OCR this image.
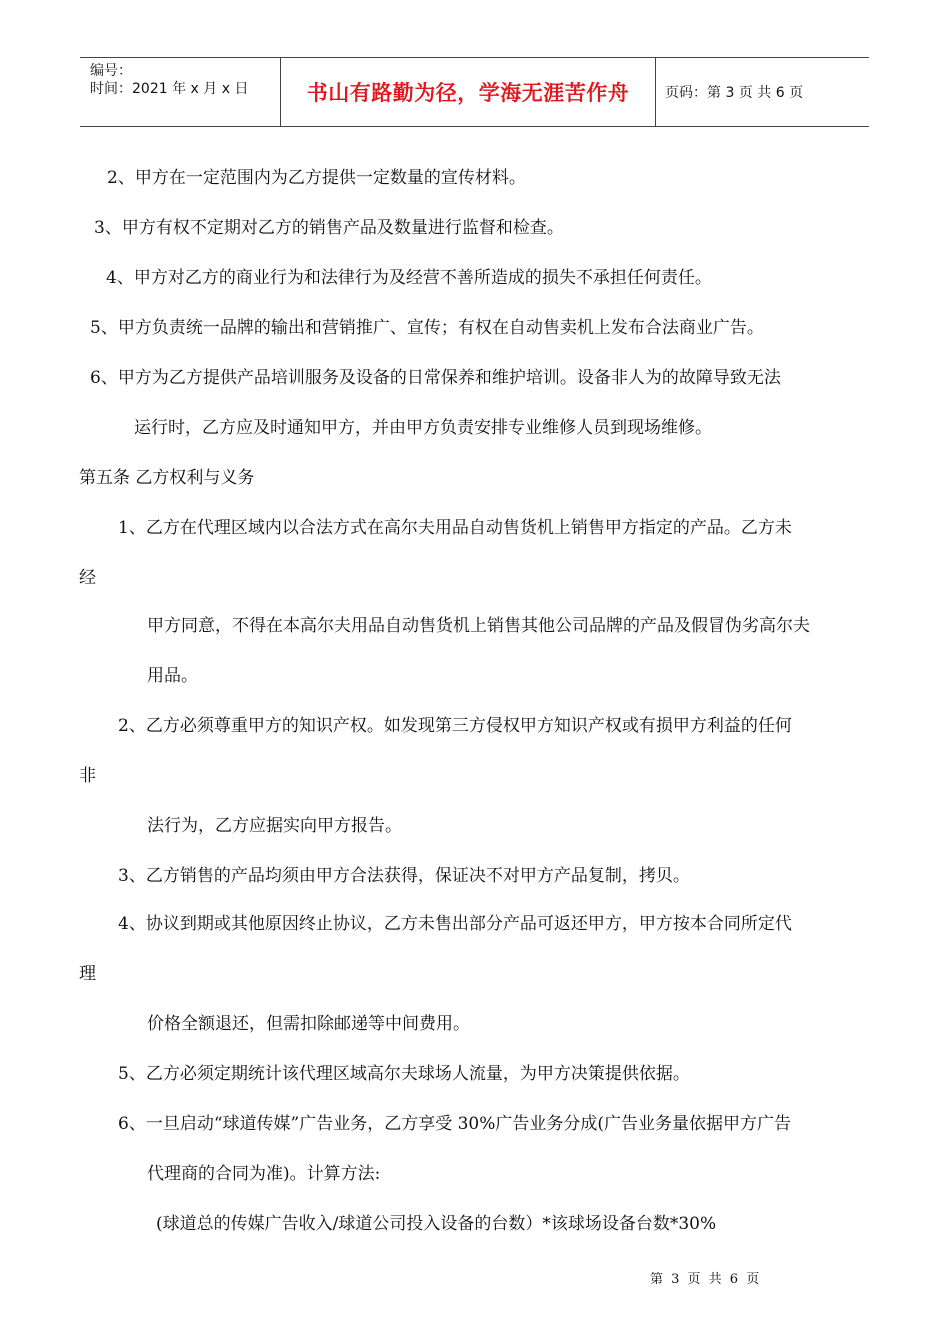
编号：
时间：2021 年 x 月 x 日	书山有路勤为径，学海无涯苦作舟	页码：第 3 页 共 6 页
2、甲方在一定范围内为乙方提供一定数量的宣传材料。
3、甲方有权不定期对乙方的销售产品及数量进行监督和检查。
4、甲方对乙方的商业行为和法律行为及经营不善所造成的损失不承担任何责任。
5、甲方负责统一品牌的输出和营销推广、宣传；有权在自动售卖机上发布合法商业广告。
6、甲方为乙方提供产品培训服务及设备的日常保养和维护培训。设备非人为的故障导致无法
运行时，乙方应及时通知甲方，并由甲方负责安排专业维修人员到现场维修。
第五条 乙方权利与义务
1、乙方在代理区域内以合法方式在高尔夫用品自动售货机上销售甲方指定的产品。乙方未
经
甲方同意，不得在本高尔夫用品自动售货机上销售其他公司品牌的产品及假冒伪劣高尔夫
用品。
2、乙方必须尊重甲方的知识产权。如发现第三方侵权甲方知识产权或有损甲方利益的任何
非
法行为，乙方应据实向甲方报告。
3、乙方销售的产品均须由甲方合法获得，保证决不对甲方产品复制，拷贝。
4、协议到期或其他原因终止协议，乙方未售出部分产品可返还甲方，甲方按本合同所定代
理
价格全额退还，但需扣除邮递等中间费用。
5、乙方必须定期统计该代理区域高尔夫球场人流量，为甲方决策提供依据。
6、一旦启动“球道传媒”广告业务，乙方享受 30%广告业务分成(广告业务量依据甲方广告
代理商的合同为准)。计算方法:
(球道总的传媒广告收入/球道公司投入设备的台数）*该球场设备台数*30%
第 3 页 共 6 页
